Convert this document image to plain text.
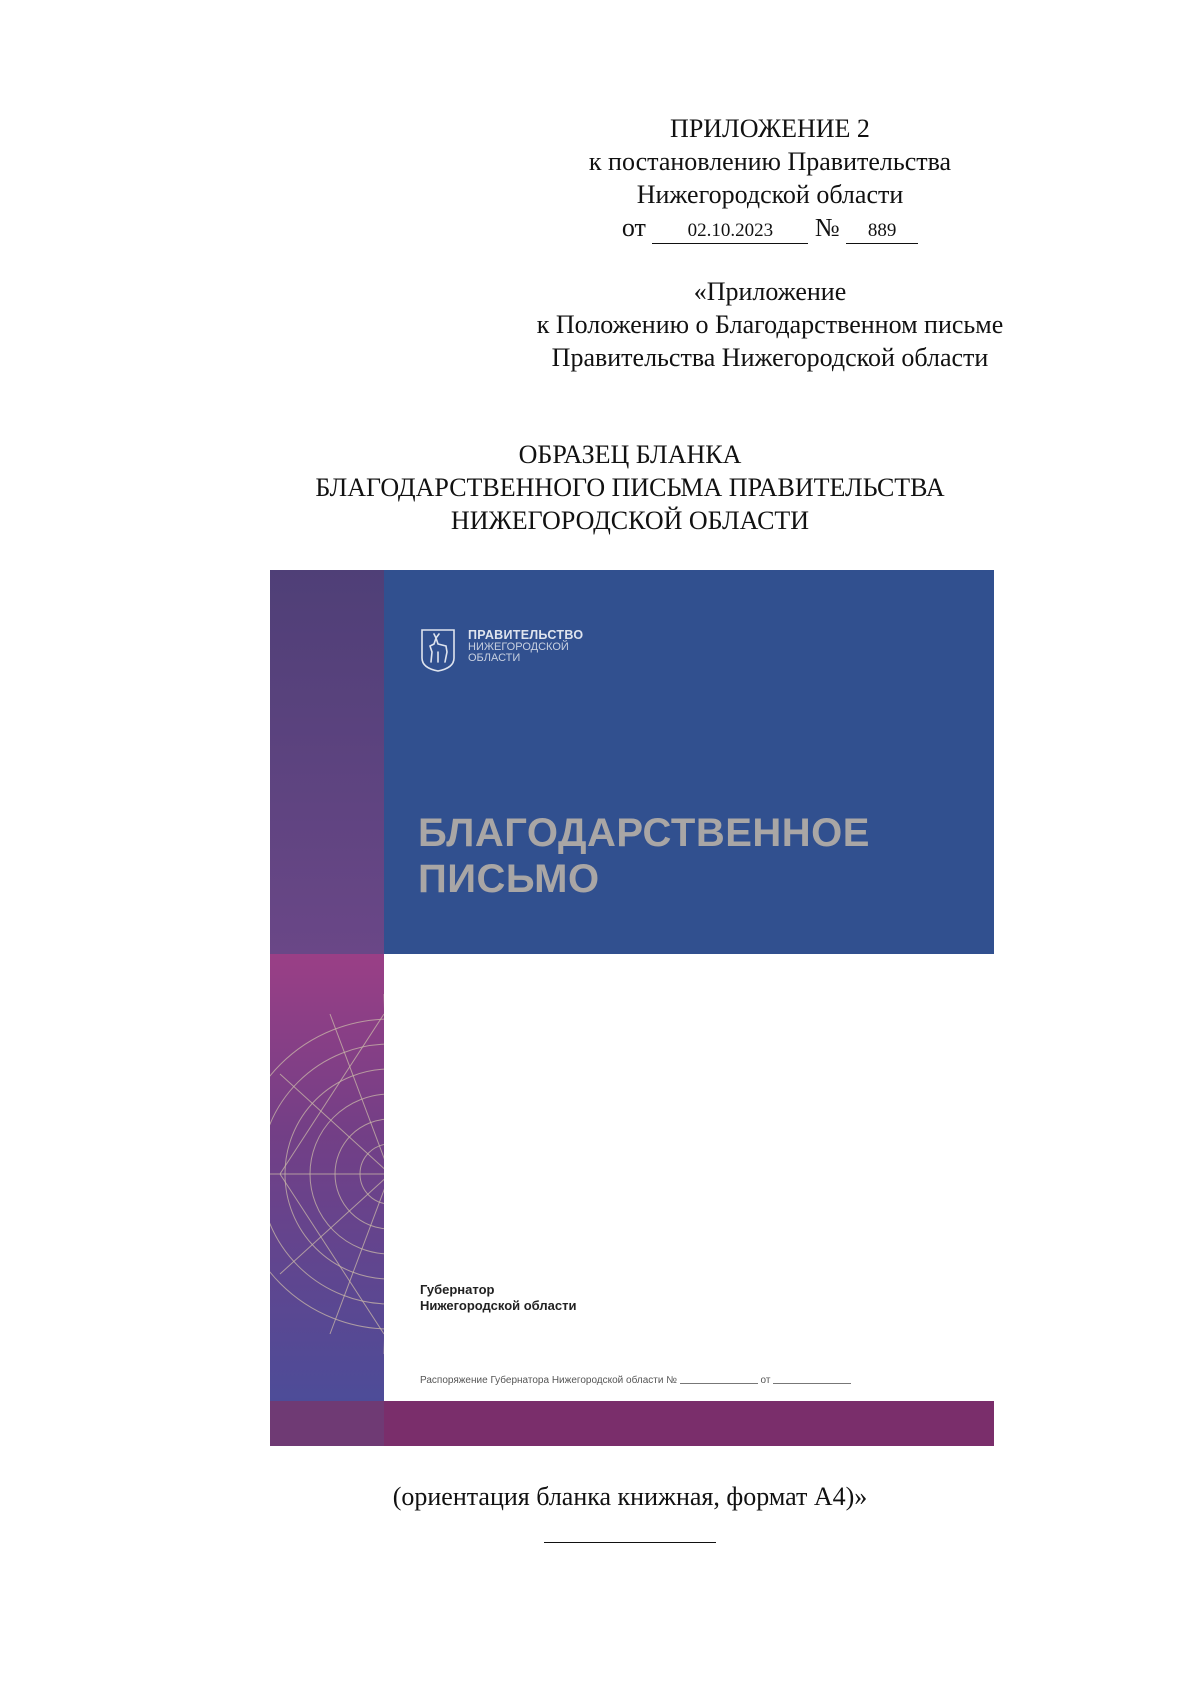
ПРИЛОЖЕНИЕ 2
к постановлению Правительства
Нижегородской области
от 02.10.2023 № 889
«Приложение
к Положению о Благодарственном письме
Правительства Нижегородской области
ОБРАЗЕЦ БЛАНКА
БЛАГОДАРСТВЕННОГО ПИСЬМА ПРАВИТЕЛЬСТВА
НИЖЕГОРОДСКОЙ ОБЛАСТИ
ПРАВИТЕЛЬСТВО
НИЖЕГОРОДСКОЙ
ОБЛАСТИ
БЛАГОДАРСТВЕННОЕ
ПИСЬМО
Губернатор
Нижегородской области
Распоряжение Губернатора Нижегородской области №	от
(ориентация бланка книжная, формат А4)»
